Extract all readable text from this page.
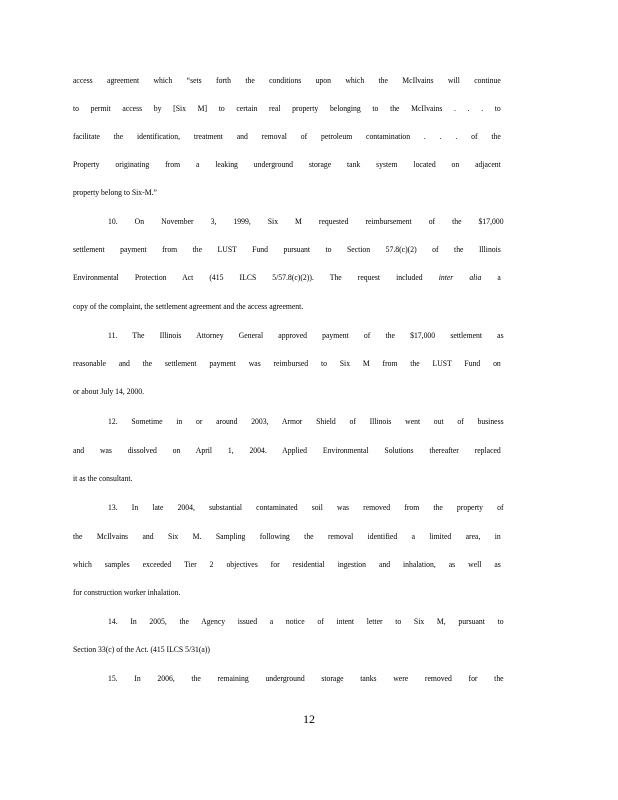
access agreement which “sets forth the conditions upon which the McIlvains will continue
to permit access by [Six M] to certain real property belonging to the McIlvains . . . to
facilitate the identification, treatment and removal of petroleum contamination . . . of the
Property originating from a leaking underground storage tank system located on adjacent
property belong to Six-M.”
10. On November 3, 1999, Six M requested reimbursement of the $17,000
settlement payment from the LUST Fund pursuant to Section 57.8(c)(2) of the Illinois
Environmental Protection Act (415 ILCS 5/57.8(c)(2)). The request included inter alia a
copy of the complaint, the settlement agreement and the access agreement.
11. The Illinois Attorney General approved payment of the $17,000 settlement as
reasonable and the settlement payment was reimbursed to Six M from the LUST Fund on
or about July 14, 2000.
12. Sometime in or around 2003, Armor Shield of Illinois went out of business
and was dissolved on April 1, 2004. Applied Environmental Solutions thereafter replaced
it as the consultant.
13. In late 2004, substantial contaminated soil was removed from the property of
the McIlvains and Six M. Sampling following the removal identified a limited area, in
which samples exceeded Tier 2 objectives for residential ingestion and inhalation, as well as
for construction worker inhalation.
14. In 2005, the Agency issued a notice of intent letter to Six M, pursuant to
Section 33(c) of the Act. (415 ILCS 5/31(a))
15. In 2006, the remaining underground storage tanks were removed for the
12
